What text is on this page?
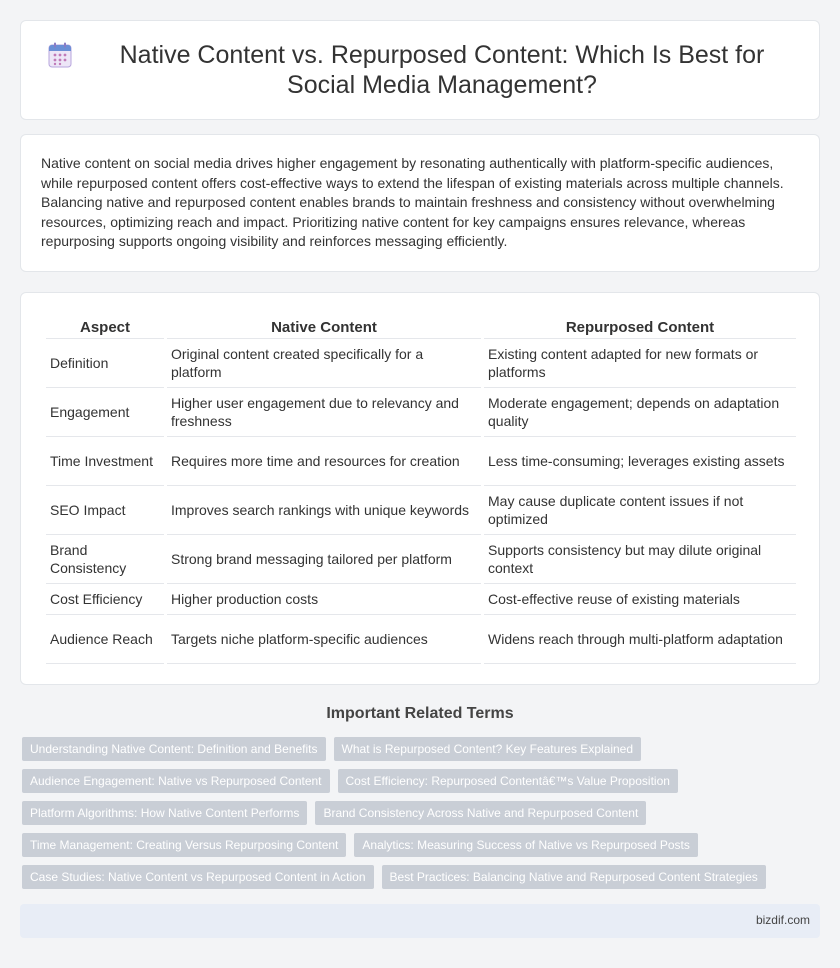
Native Content vs. Repurposed Content: Which Is Best for Social Media Management?

Native content on social media drives higher engagement by resonating authentically with platform-specific audiences, while repurposed content offers cost-effective ways to extend the lifespan of existing materials across multiple channels. Balancing native and repurposed content enables brands to maintain freshness and consistency without overwhelming resources, optimizing reach and impact. Prioritizing native content for key campaigns ensures relevance, whereas repurposing supports ongoing visibility and reinforces messaging efficiently.

Aspect	Native Content	Repurposed Content
Definition	Original content created specifically for a platform	Existing content adapted for new formats or platforms
Engagement	Higher user engagement due to relevancy and freshness	Moderate engagement; depends on adaptation quality
Time Investment	Requires more time and resources for creation	Less time-consuming; leverages existing assets
SEO Impact	Improves search rankings with unique keywords	May cause duplicate content issues if not optimized
Brand Consistency	Strong brand messaging tailored per platform	Supports consistency but may dilute original context
Cost Efficiency	Higher production costs	Cost-effective reuse of existing materials
Audience Reach	Targets niche platform-specific audiences	Widens reach through multi-platform adaptation
Important Related Terms
Understanding Native Content: Definition and Benefits	What is Repurposed Content? Key Features Explained
Audience Engagement: Native vs Repurposed Content	Cost Efficiency: Repurposed Contentâ€™s Value Proposition
Platform Algorithms: How Native Content Performs	Brand Consistency Across Native and Repurposed Content
Time Management: Creating Versus Repurposing Content	Analytics: Measuring Success of Native vs Repurposed Posts
Case Studies: Native Content vs Repurposed Content in Action	Best Practices: Balancing Native and Repurposed Content Strategies
bizdif.com
